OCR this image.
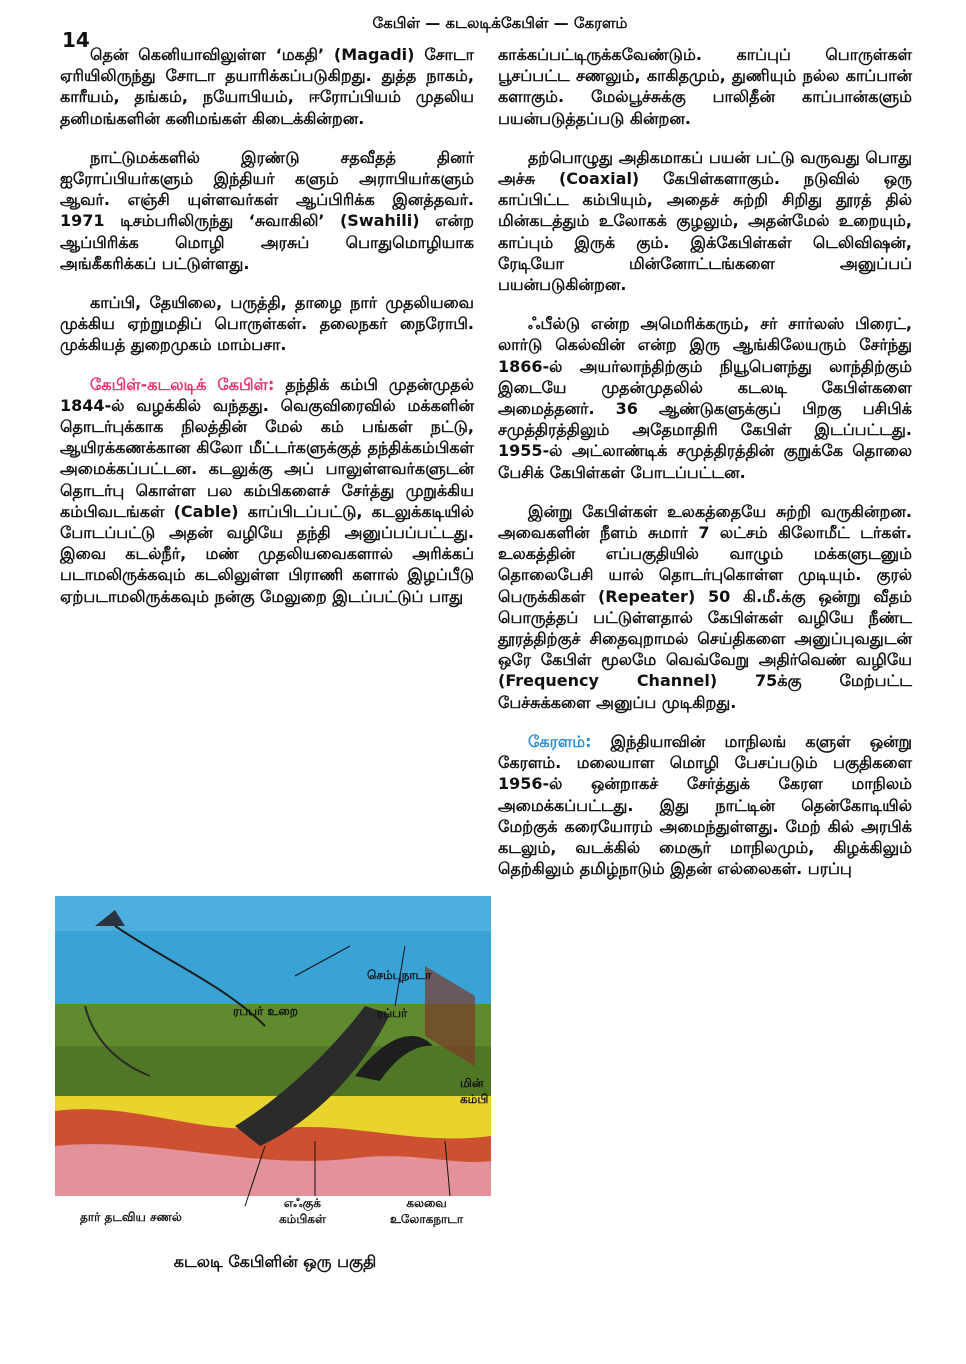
14
கேபிள் — கடலடிக்கேபிள் — கேரளம்

தென் கெனியாவிலுள்ள ‘மகதி’ (Magadi) சோடா ஏரியிலிருந்து சோடா தயாரிக்கப்படுகிறது. துத்த நாகம், காரீயம், தங்கம், நயோபியம், ஈரோப்பியம் முதலிய தனிமங்களின் கனிமங்கள் கிடைக்கின்றன.

நாட்டுமக்களில் இரண்டு சதவீதத் தினர் ஐரோப்பியர்களும் இந்தியர் களும் அராபியர்களும் ஆவர். எஞ்சி யுள்ளவர்கள் ஆப்பிரிக்க இனத்தவர். 1971 டிசம்பரிலிருந்து ‘சுவாகிலி’ (Swahili) என்ற ஆப்பிரிக்க மொழி அரசுப் பொதுமொழியாக அங்கீகரிக்கப் பட்டுள்ளது.

காப்பி, தேயிலை, பருத்தி, தாழை நார் முதலியவை முக்கிய ஏற்றுமதிப் பொருள்கள். தலைநகர் நைரோபி. முக்கியத் துறைமுகம் மாம்பசா.

கேபிள்-கடலடிக் கேபிள்: தந்திக் கம்பி முதன்முதல் 1844-ல் வழக்கில் வந்தது. வெகுவிரைவில் மக்களின் தொடர்புக்காக நிலத்தின் மேல் கம் பங்கள் நட்டு, ஆயிரக்கணக்கான கிலோ மீட்டர்களுக்குத் தந்திக்கம்பிகள் அமைக்கப்பட்டன. கடலுக்கு அப் பாலுள்ளவர்களுடன் தொடர்பு கொள்ள பல கம்பிகளைச் சேர்த்து முறுக்கிய கம்பிவடங்கள் (Cable) காப்பிடப்பட்டு, கடலுக்கடியில் போடப்பட்டு அதன் வழியே தந்தி அனுப்பப்பட்டது. இவை கடல்நீர், மண் முதலியவைகளால் அரிக்கப் படாமலிருக்கவும் கடலிலுள்ள பிராணி களால் இழப்பீடு ஏற்படாமலிருக்கவும் நன்கு மேலுறை இடப்பட்டுப் பாது

காக்கப்பட்டிருக்கவேண்டும். காப்புப் பொருள்கள் பூசப்பட்ட சணலும், காகிதமும், துணியும் நல்ல காப்பான் களாகும். மேல்பூச்சுக்கு பாலிதீன் காப்பான்களும் பயன்படுத்தப்படு கின்றன.

தற்பொழுது அதிகமாகப் பயன் பட்டு வருவது பொது அச்சு (Coaxial) கேபிள்களாகும். நடுவில் ஒரு காப்பிட்ட கம்பியும், அதைச் சுற்றி சிறிது தூரத் தில் மின்கடத்தும் உலோகக் குழலும், அதன்மேல் உறையும், காப்பும் இருக் கும். இக்கேபிள்கள் டெலிவிஷன், ரேடியோ மின்னோட்டங்களை அனுப்பப் பயன்படுகின்றன.

ஃபீல்டு என்ற அமெரிக்கரும், சர் சார்லஸ் பிரைட், லார்டு கெல்வின் என்ற இரு ஆங்கிலேயரும் சேர்ந்து 1866-ல் அயர்லாந்திற்கும் நியூபௌந்து லாந்திற்கும் இடையே முதன்முதலில் கடலடி கேபிள்களை அமைத்தனர். 36 ஆண்டுகளுக்குப் பிறகு பசிபிக் சமுத்திரத்திலும் அதேமாதிரி கேபிள் இடப்பட்டது. 1955-ல் அட்லாண்டிக் சமுத்திரத்தின் குறுக்கே தொலை பேசிக் கேபிள்கள் போடப்பட்டன.

இன்று கேபிள்கள் உலகத்தையே சுற்றி வருகின்றன. அவைகளின் நீளம் சுமார் 7 லட்சம் கிலோமீட் டர்கள். உலகத்தின் எப்பகுதியில் வாழும் மக்களுடனும் தொலைபேசி யால் தொடர்புகொள்ள முடியும். குரல் பெருக்கிகள் (Repeater) 50 கி.மீ.க்கு ஒன்று வீதம் பொருத்தப் பட்டுள்ளதால் கேபிள்கள் வழியே நீண்ட தூரத்திற்குச் சிதைவுறாமல் செய்திகளை அனுப்புவதுடன் ஒரே கேபிள் மூலமே வெவ்வேறு அதிர்வெண் வழியே (Frequency Channel) 75க்கு மேற்பட்ட பேச்சுக்களை அனுப்ப முடிகிறது.

கேரளம்: இந்தியாவின் மாநிலங் களுள் ஒன்று கேரளம். மலையாள மொழி பேசப்படும் பகுதிகளை 1956-ல் ஒன்றாகச் சேர்த்துக் கேரள மாநிலம் அமைக்கப்பட்டது. இது நாட்டின் தென்கோடியில் மேற்குக் கரையோரம் அமைந்துள்ளது. மேற் கில் அரபிக் கடலும், வடக்கில் மைசூர் மாநிலமும், கிழக்கிலும் தெற்கிலும் தமிழ்நாடும் இதன் எல்லைகள். பரப்பு

செம்புநாடா
ரப்பர் உறை	ரப்பர்
மின்
கம்பி
தார் தடவிய சணல்
எஃகுக்
கம்பிகள்
கலவை
உலோகநாடா
கடலடி கேபிளின் ஒரு பகுதி
